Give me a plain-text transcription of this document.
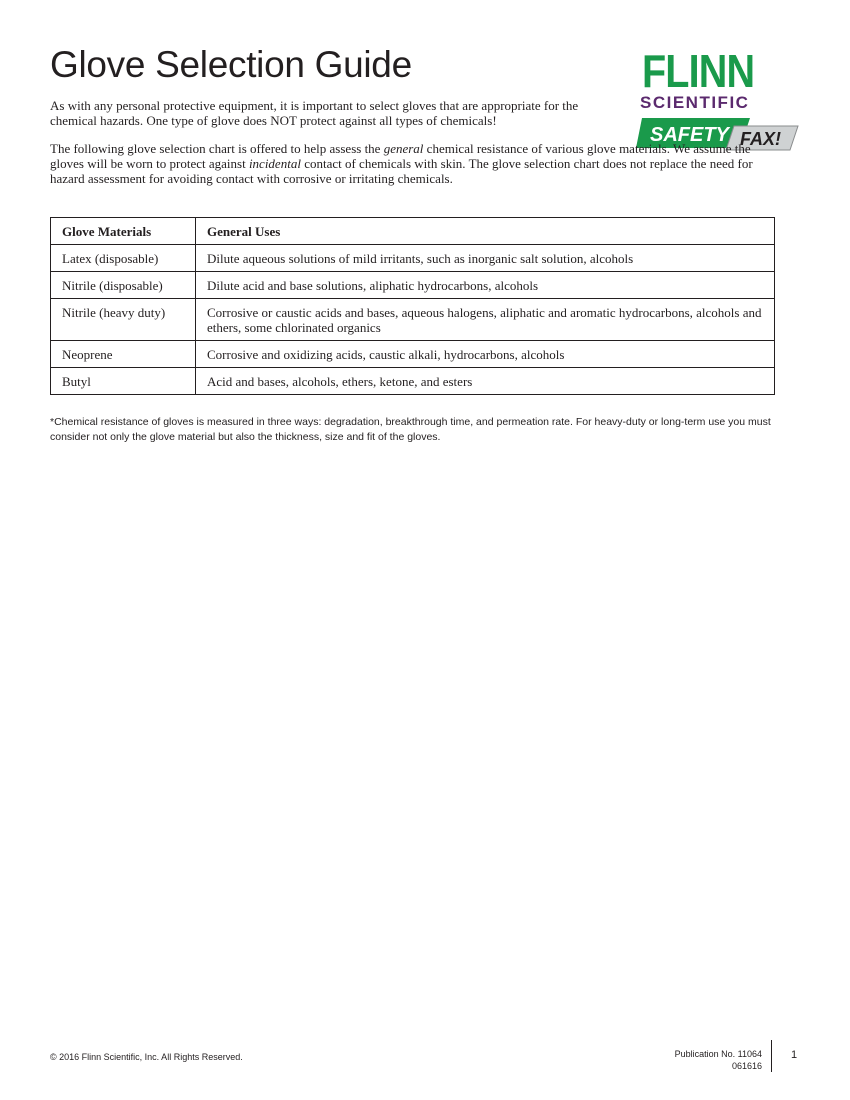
Glove Selection Guide	FLINN

SCIENTIFIC

SAFETY FAX!

As with any personal protective equipment, it is important to select gloves that are appropriate for the chemical hazards. One type of glove does NOT protect against all types of chemicals!

The following glove selection chart is offered to help assess the general chemical resistance of various glove materials. We assume the gloves will be worn to protect against incidental contact of chemicals with skin. The glove selection chart does not replace the need for hazard assessment for avoiding contact with corrosive or irritating chemicals.

Glove Materials	General Uses
Latex (disposable)	Dilute aqueous solutions of mild irritants, such as inorganic salt solution, alcohols
Nitrile (disposable)	Dilute acid and base solutions, aliphatic hydrocarbons, alcohols
Nitrile (heavy duty)	Corrosive or caustic acids and bases, aqueous halogens, aliphatic and aromatic hydrocarbons, alcohols and ethers, some chlorinated organics
Neoprene	Corrosive and oxidizing acids, caustic alkali, hydrocarbons, alcohols
Butyl	Acid and bases, alcohols, ethers, ketone, and esters

*Chemical resistance of gloves is measured in three ways: degradation, breakthrough time, and permeation rate. For heavy-duty or long-term use you must consider not only the glove material but also the thickness, size and fit of the gloves.

© 2016 Flinn Scientific, Inc. All Rights Reserved.	Publication No. 11064
061616

1
